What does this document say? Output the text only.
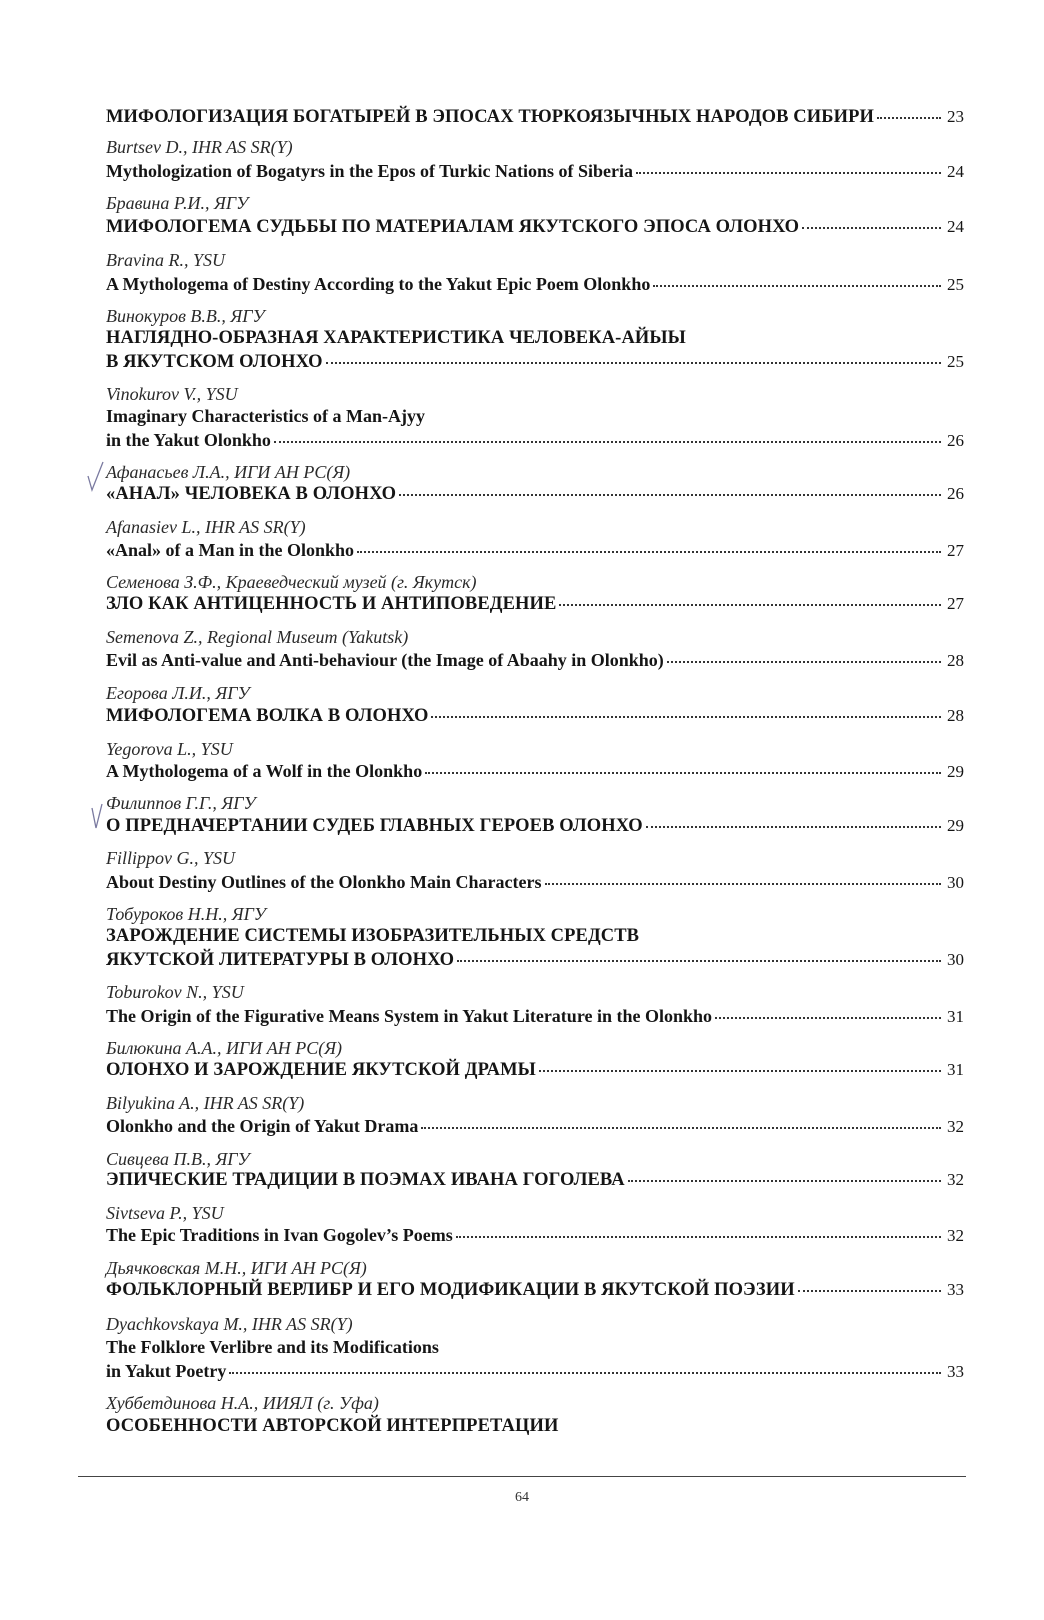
МИФОЛОГИЗАЦИЯ БОГАТЫРЕЙ В ЭПОСАХ ТЮРКОЯЗЫЧНЫХ НАРОДОВ СИБИРИ	23
Burtsev D., IHR AS SR(Y)
Mythologization of Bogatyrs in the Epos of Turkic Nations of Siberia	24
Бравина Р.И., ЯГУ
МИФОЛОГЕМА СУДЬБЫ ПО МАТЕРИАЛАМ ЯКУТСКОГО ЭПОСА ОЛОНХО	24
Bravina R., YSU
A Mythologema of Destiny According to the Yakut Epic Poem Olonkho	25
Винокуров В.В., ЯГУ
НАГЛЯДНО-ОБРАЗНАЯ ХАРАКТЕРИСТИКА ЧЕЛОВЕКА-АЙЫЫ
В ЯКУТСКОМ ОЛОНХО	25
Vinokurov V., YSU
Imaginary Characteristics of a Man-Ajyy
in the Yakut Olonkho	26
Афанасьев Л.А., ИГИ АН РС(Я)
«АНАЛ» ЧЕЛОВЕКА В ОЛОНХО	26
Afanasiev L., IHR AS SR(Y)
«Anal» of a Man in the Olonkho	27
Семенова З.Ф., Краеведческий музей (г. Якутск)
ЗЛО КАК АНТИЦЕННОСТЬ И АНТИПОВЕДЕНИЕ	27
Semenova Z., Regional Museum (Yakutsk)
Evil as Anti-value and Anti-behaviour (the Image of Abaahy in Olonkho)	28
Егорова Л.И., ЯГУ
МИФОЛОГЕМА ВОЛКА В ОЛОНХО	28
Yegorova L., YSU
A Mythologema of a Wolf in the Olonkho	29
Филиппов Г.Г., ЯГУ
О ПРЕДНАЧЕРТАНИИ СУДЕБ ГЛАВНЫХ ГЕРОЕВ ОЛОНХО	29
Fillippov G., YSU
About Destiny Outlines of the Olonkho Main Characters	30
Тобуроков Н.Н., ЯГУ
ЗАРОЖДЕНИЕ СИСТЕМЫ ИЗОБРАЗИТЕЛЬНЫХ СРЕДСТВ
ЯКУТСКОЙ ЛИТЕРАТУРЫ В ОЛОНХО	30
Toburokov N., YSU
The Origin of the Figurative Means System in Yakut Literature in the Olonkho	31
Билюкина А.А., ИГИ АН РС(Я)
ОЛОНХО И ЗАРОЖДЕНИЕ ЯКУТСКОЙ ДРАМЫ	31
Bilyukina A., IHR AS SR(Y)
Olonkho and the Origin of Yakut Drama	32
Сивцева П.В., ЯГУ
ЭПИЧЕСКИЕ ТРАДИЦИИ В ПОЭМАХ ИВАНА ГОГОЛЕВА	32
Sivtseva P., YSU
The Epic Traditions in Ivan Gogolev’s Poems	32
Дьячковская М.Н., ИГИ АН РС(Я)
ФОЛЬКЛОРНЫЙ ВЕРЛИБР И ЕГО МОДИФИКАЦИИ В ЯКУТСКОЙ ПОЭЗИИ	33
Dyachkovskaya M., IHR AS SR(Y)
The Folklore Verlibre and its Modifications
in Yakut Poetry	33
Хуббетдинова Н.А., ИИЯЛ (г. Уфа)
ОСОБЕННОСТИ АВТОРСКОЙ ИНТЕРПРЕТАЦИИ
64
